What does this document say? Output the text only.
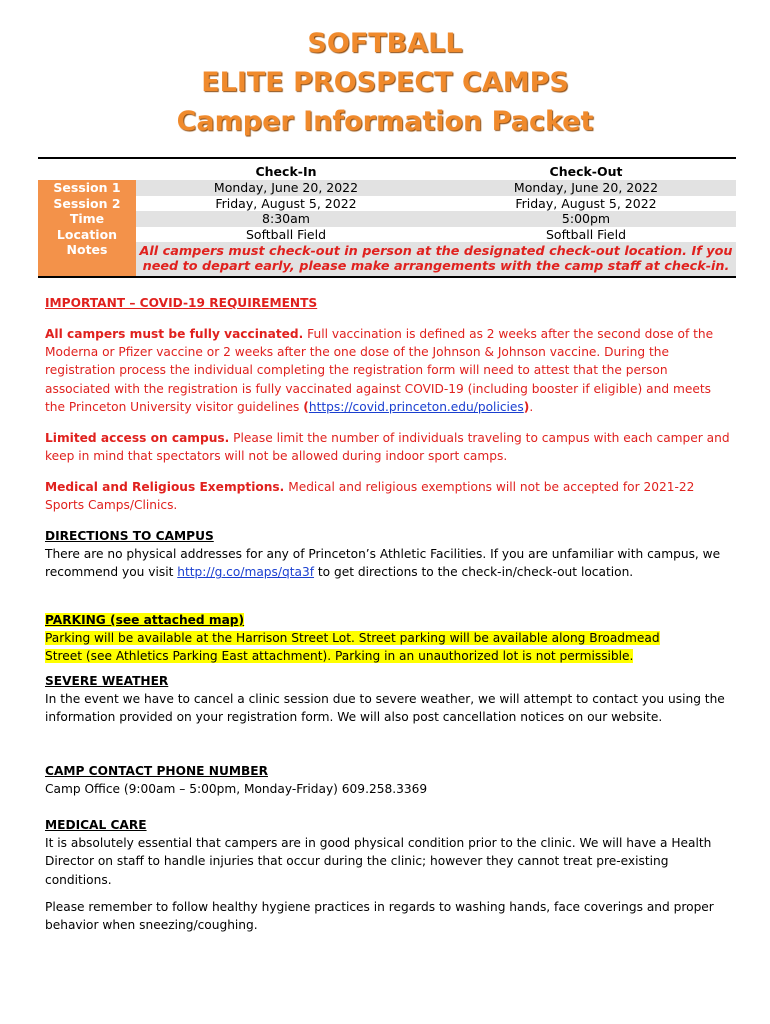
SOFTBALL
ELITE PROSPECT CAMPS
Camper Information Packet
	Check-In	Check-Out
Session 1	Monday, June 20, 2022	Monday, June 20, 2022
Session 2	Friday, August 5, 2022	Friday, August 5, 2022
Time	8:30am	5:00pm
Location	Softball Field	Softball Field

Notes	All campers must check-out in person at the designated check-out location. If you
need to depart early, please make arrangements with the camp staff at check-in.	
IMPORTANT – COVID-19 REQUIREMENTS
All campers must be fully vaccinated. Full vaccination is defined as 2 weeks after the second dose of the Moderna or Pfizer vaccine or 2 weeks after the one dose of the Johnson & Johnson vaccine. During the registration process the individual completing the registration form will need to attest that the person associated with the registration is fully vaccinated against COVID-19 (including booster if eligible) and meets the Princeton University visitor guidelines (https://covid.princeton.edu/policies).
Limited access on campus. Please limit the number of individuals traveling to campus with each camper and keep in mind that spectators will not be allowed during indoor sport camps.
Medical and Religious Exemptions. Medical and religious exemptions will not be accepted for 2021-22 Sports Camps/Clinics.
DIRECTIONS TO CAMPUS

There are no physical addresses for any of Princeton’s Athletic Facilities. If you are unfamiliar with campus, we recommend you visit http://g.co/maps/qta3f to get directions to the check-in/check-out location.

PARKING (see attached map)
Parking will be available at the Harrison Street Lot. Street parking will be available along Broadmead
Street (see Athletics Parking East attachment). Parking in an unauthorized lot is not permissible.
SEVERE WEATHER

In the event we have to cancel a clinic session due to severe weather, we will attempt to contact you using the information provided on your registration form. We will also post cancellation notices on our website.

CAMP CONTACT PHONE NUMBER

Camp Office (9:00am – 5:00pm, Monday-Friday) 609.258.3369

MEDICAL CARE

It is absolutely essential that campers are in good physical condition prior to the clinic. We will have a Health Director on staff to handle injuries that occur during the clinic; however they cannot treat pre-existing conditions.

Please remember to follow healthy hygiene practices in regards to washing hands, face coverings and proper behavior when sneezing/coughing.
